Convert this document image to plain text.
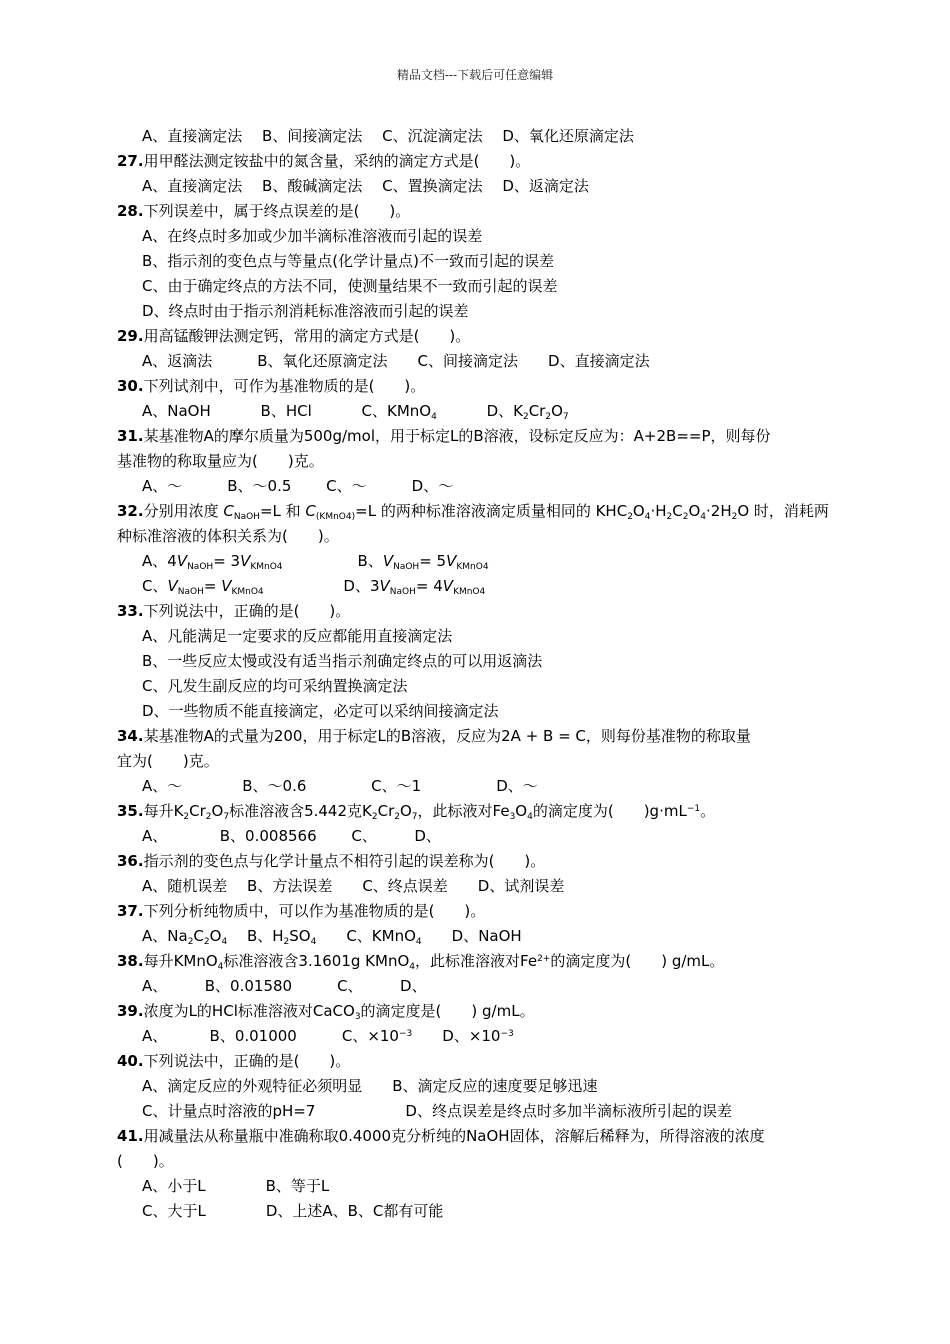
精品文档---下载后可任意编辑
A、直接滴定法　 B、间接滴定法　 C、沉淀滴定法　 D、氧化还原滴定法
27.用甲醛法测定铵盐中的氮含量，采纳的滴定方式是(　　)。
A、直接滴定法　 B、酸碱滴定法　 C、置换滴定法　 D、返滴定法
28.下列误差中，属于终点误差的是(　　)。
A、在终点时多加或少加半滴标准溶液而引起的误差
B、指示剂的变色点与等量点(化学计量点)不一致而引起的误差
C、由于确定终点的方法不同，使测量结果不一致而引起的误差
D、终点时由于指示剂消耗标准溶液而引起的误差
29.用高锰酸钾法测定钙，常用的滴定方式是(　　)。
A、返滴法　　　B、氧化还原滴定法　　C、间接滴定法　　D、直接滴定法
30.下列试剂中，可作为基准物质的是(　　)。
A、NaOH　　　 B、HCl　　　 C、KMnO$_4$　　　 D、$K_2Cr_2O_7$
31.某基准物A的摩尔质量为500g/mol，用于标定L的B溶液，设标定反应为：A+2B==P，则每份
基准物的称取量应为(　　)克。
A、～　　　B、～0.5　　 C、～　　　D、～
32.分别用浓度 $C_{NaOH}=L$ 和 $C_{(KMnO4)}=L$ 的两种标准溶液滴定质量相同的 $KHC_2O_4\cdot H_2C_2O_4\cdot 2H_2O$ 时，消耗两
种标准溶液的体积关系为(　　)。
A、$4V_{NaOH}= 3V_{KMnO4}$　　　　　B、$V_{NaOH}= 5V_{KMnO4}$
C、$V_{NaOH}= V_{KMnO4}$　　　　　 D、$3V_{NaOH}= 4V_{KMnO4}$
33.下列说法中，正确的是(　　)。
A、凡能满足一定要求的反应都能用直接滴定法
B、一些反应太慢或没有适当指示剂确定终点的可以用返滴法
C、凡发生副反应的均可采纳置换滴定法
D、一些物质不能直接滴定，必定可以采纳间接滴定法
34.某基准物A的式量为200，用于标定L的B溶液，反应为2A + B = C，则每份基准物的称取量
宜为(　　)克。
A、～　　　　B、～0.6　　　　 C、～1　　　　　D、～
35.每升$K_2Cr_2O_7$标准溶液含5.442克$K_2Cr_2O_7$，此标液对$Fe_3O_4$的滴定度为(　　)$g\cdot mL^{-1}$。
A、　　　　B、0.008566　　 C、　　　D、
36.指示剂的变色点与化学计量点不相符引起的误差称为(　　)。
A、随机误差　 B、方法误差　　C、终点误差　　D、试剂误差
37.下列分析纯物质中，可以作为基准物质的是(　　)。
A、$Na_2C_2O_4$　 B、$H_2SO_4$　　C、KMnO$_4$　　D、NaOH
38.每升KMnO$_4$标准溶液含3.1601g KMnO$_4$，此标准溶液对$Fe^{2+}$的滴定度为(　　) g/mL。
A、　　　B、0.01580　　　C、　　　D、
39.浓度为L的HCl标准溶液对CaCO$_3$的滴定度是(　　) g/mL。
A、　　　 B、0.01000　　　C、$\times 10^{-3}$　　D、$\times 10^{-3}$
40.下列说法中，正确的是(　　)。
A、滴定反应的外观特征必须明显　　B、滴定反应的速度要足够迅速
C、计量点时溶液的pH=7　　　　　　D、终点误差是终点时多加半滴标液所引起的误差
41.用减量法从称量瓶中准确称取0.4000克分析纯的NaOH固体，溶解后稀释为，所得溶液的浓度
(　　)。
A、小于L　　　　B、等于L
C、大于L　　　　D、上述A、B、C都有可能
